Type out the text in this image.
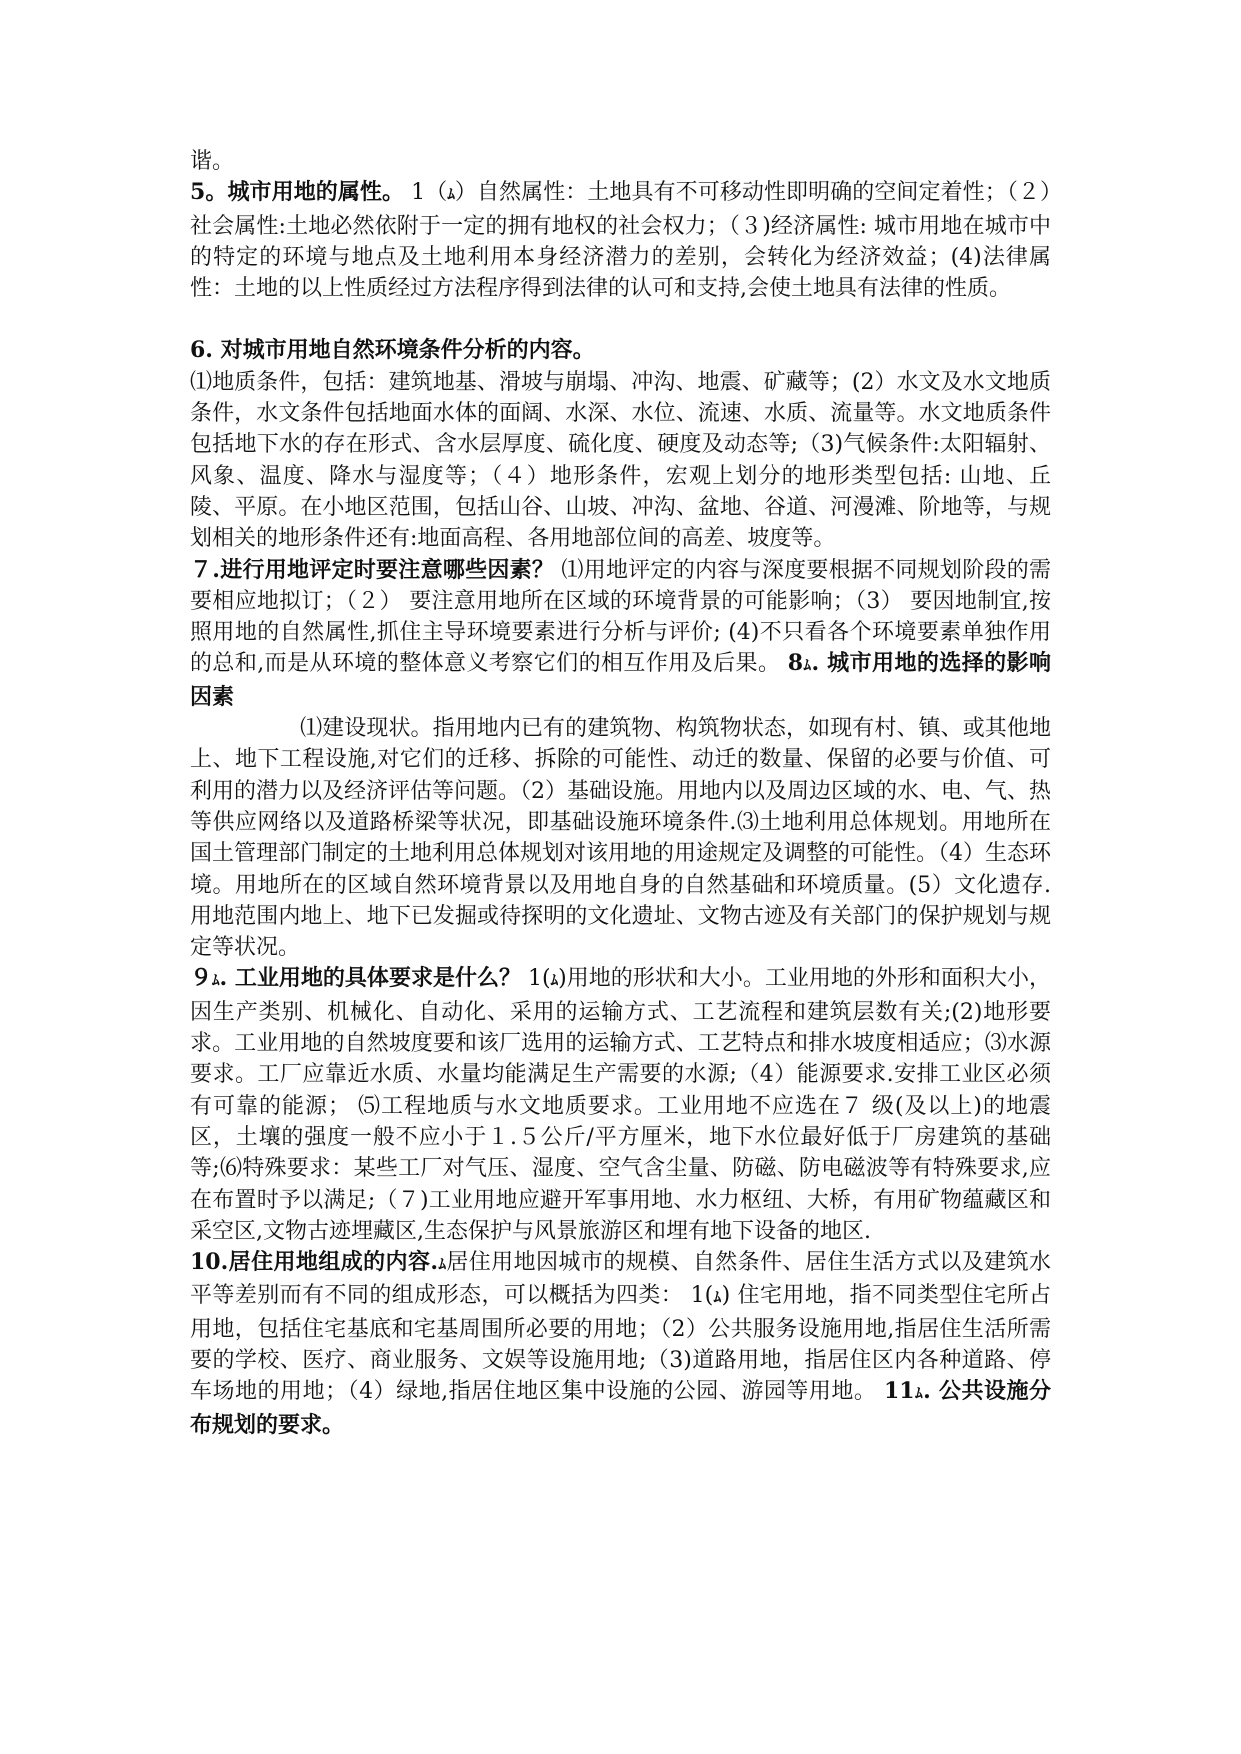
谐。

5。城市用地的属性。 1（ﾑ）自然属性：土地具有不可移动性即明确的空间定着性；（２）社会属性:土地必然依附于一定的拥有地权的社会权力；（３)经济属性: 城市用地在城市中的特定的环境与地点及土地利用本身经济潜力的差别，会转化为经济效益；(4)法律属性：土地的以上性质经过方法程序得到法律的认可和支持,会使土地具有法律的性质。

6. 对城市用地自然环境条件分析的内容。

⑴地质条件，包括：建筑地基、滑坡与崩塌、冲沟、地震、矿藏等；(2）水文及水文地质条件，水文条件包括地面水体的面阔、水深、水位、流速、水质、流量等。水文地质条件包括地下水的存在形式、含水层厚度、硫化度、硬度及动态等;（3)气候条件:太阳辐射、风象、温度、降水与湿度等；（４）地形条件，宏观上划分的地形类型包括: 山地、丘陵、平原。在小地区范围，包括山谷、山坡、冲沟、盆地、谷道、河漫滩、阶地等，与规划相关的地形条件还有:地面高程、各用地部位间的高差、坡度等。

７.进行用地评定时要注意哪些因素？ ⑴用地评定的内容与深度要根据不同规划阶段的需要相应地拟订；（２） 要注意用地所在区域的环境背景的可能影响；（3） 要因地制宜,按照用地的自然属性,抓住主导环境要素进行分析与评价; (4)不只看各个环境要素单独作用的总和,而是从环境的整体意义考察它们的相互作用及后果。 8ﾑ. 城市用地的选择的影响因素

⑴建设现状。指用地内已有的建筑物、构筑物状态，如现有村、镇、或其他地上、地下工程设施,对它们的迁移、拆除的可能性、动迁的数量、保留的必要与价值、可利用的潜力以及经济评估等问题。（2）基础设施。用地内以及周边区域的水、电、气、热等供应网络以及道路桥梁等状况，即基础设施环境条件.⑶土地利用总体规划。用地所在国土管理部门制定的土地利用总体规划对该用地的用途规定及调整的可能性。（4）生态环境。用地所在的区域自然环境背景以及用地自身的自然基础和环境质量。(5）文化遗存.用地范围内地上、地下已发掘或待探明的文化遗址、文物古迹及有关部门的保护规划与规定等状况。

９ﾑ. 工业用地的具体要求是什么？ 1(ﾑ)用地的形状和大小。工业用地的外形和面积大小，因生产类别、机械化、自动化、采用的运输方式、工艺流程和建筑层数有关;(2)地形要求。工业用地的自然坡度要和该厂选用的运输方式、工艺特点和排水坡度相适应；⑶水源要求。工厂应靠近水质、水量均能满足生产需要的水源;（4）能源要求.安排工业区必须有可靠的能源； ⑸工程地质与水文地质要求。工业用地不应选在７ 级(及以上)的地震区，土壤的强度一般不应小于１.５公斤/平方厘米，地下水位最好低于厂房建筑的基础等;⑹特殊要求：某些工厂对气压、湿度、空气含尘量、防磁、防电磁波等有特殊要求,应在布置时予以满足;（７)工业用地应避开军事用地、水力枢纽、大桥，有用矿物蕴藏区和采空区,文物古迹埋藏区,生态保护与风景旅游区和埋有地下设备的地区.

10.居住用地组成的内容.ﾑ居住用地因城市的规模、自然条件、居住生活方式以及建筑水平等差别而有不同的组成形态，可以概括为四类： 1(ﾑ) 住宅用地，指不同类型住宅所占用地，包括住宅基底和宅基周围所必要的用地；（2）公共服务设施用地,指居住生活所需要的学校、医疗、商业服务、文娱等设施用地;（3)道路用地，指居住区内各种道路、停车场地的用地；（4）绿地,指居住地区集中设施的公园、游园等用地。 11ﾑ. 公共设施分布规划的要求。
